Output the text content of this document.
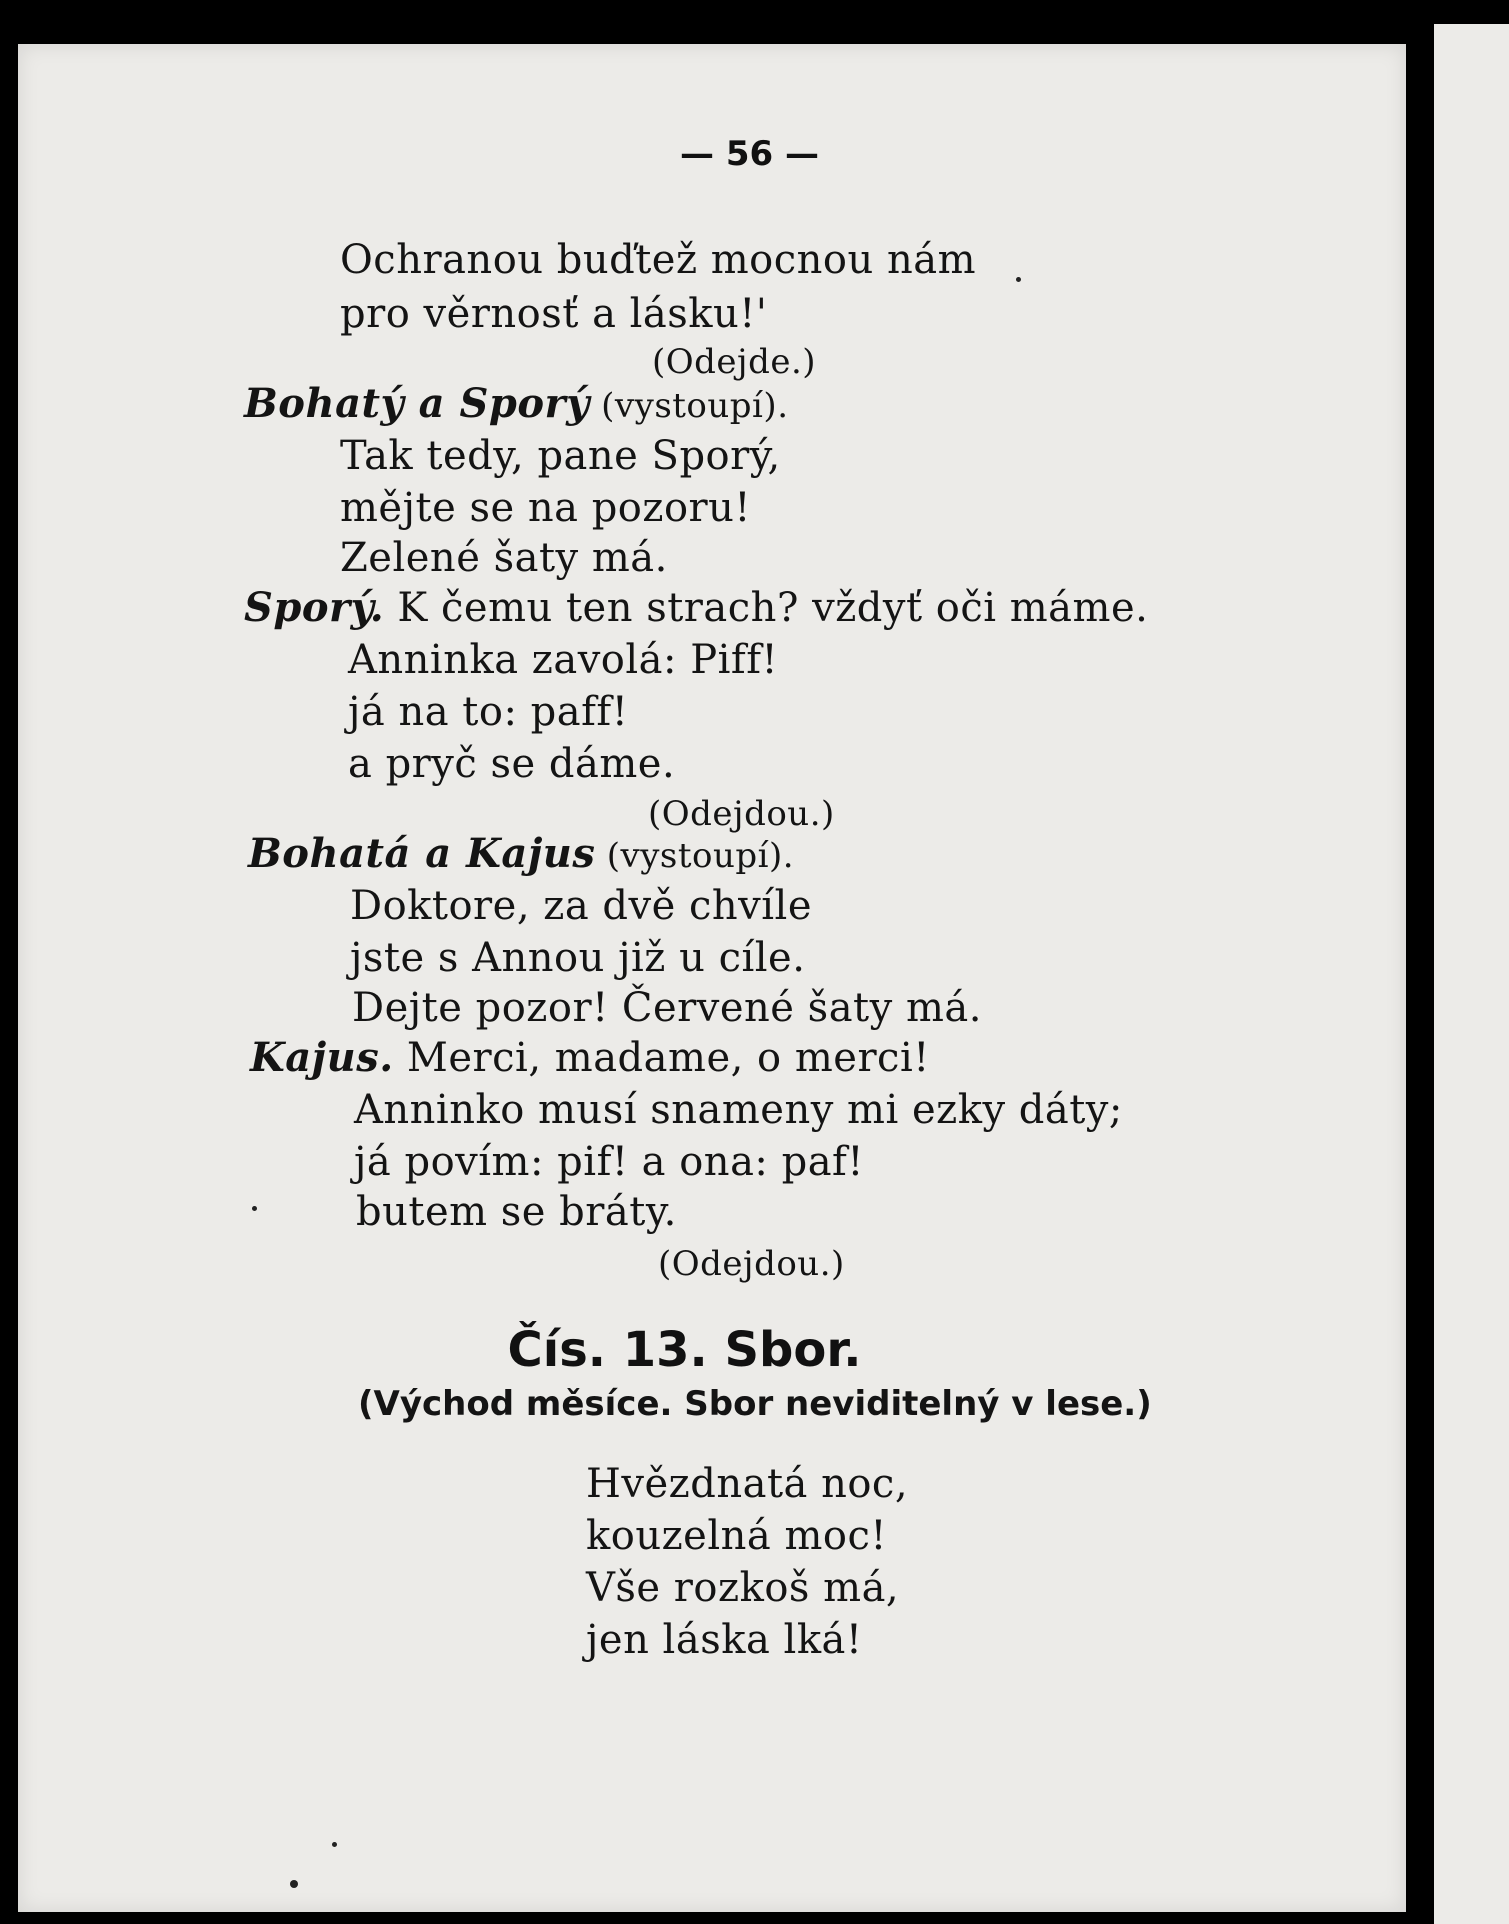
— 56 —
Ochranou buďtež mocnou nám
pro věrnosť a lásku!'
(Odejde.)
Bohatý a Sporý (vystoupí).
Tak tedy, pane Sporý,
mějte se na pozoru!
Zelené šaty má.
Sporý. K čemu ten strach? vždyť oči máme.
Anninka zavolá: Piff!
já na to: paff!
a pryč se dáme.
(Odejdou.)
Bohatá a Kajus (vystoupí).
Doktore, za dvě chvíle
jste s Annou již u cíle.
Dejte pozor! Červené šaty má.
Kajus. Merci, madame, o merci!
Anninko musí snameny mi ezky dáty;
já povím: pif! a ona: paf!
butem se bráty.
(Odejdou.)
Čís. 13. Sbor.
(Východ měsíce. Sbor neviditelný v lese.)
Hvězdnatá noc,
kouzelná moc!
Vše rozkoš má,
jen láska lká!
